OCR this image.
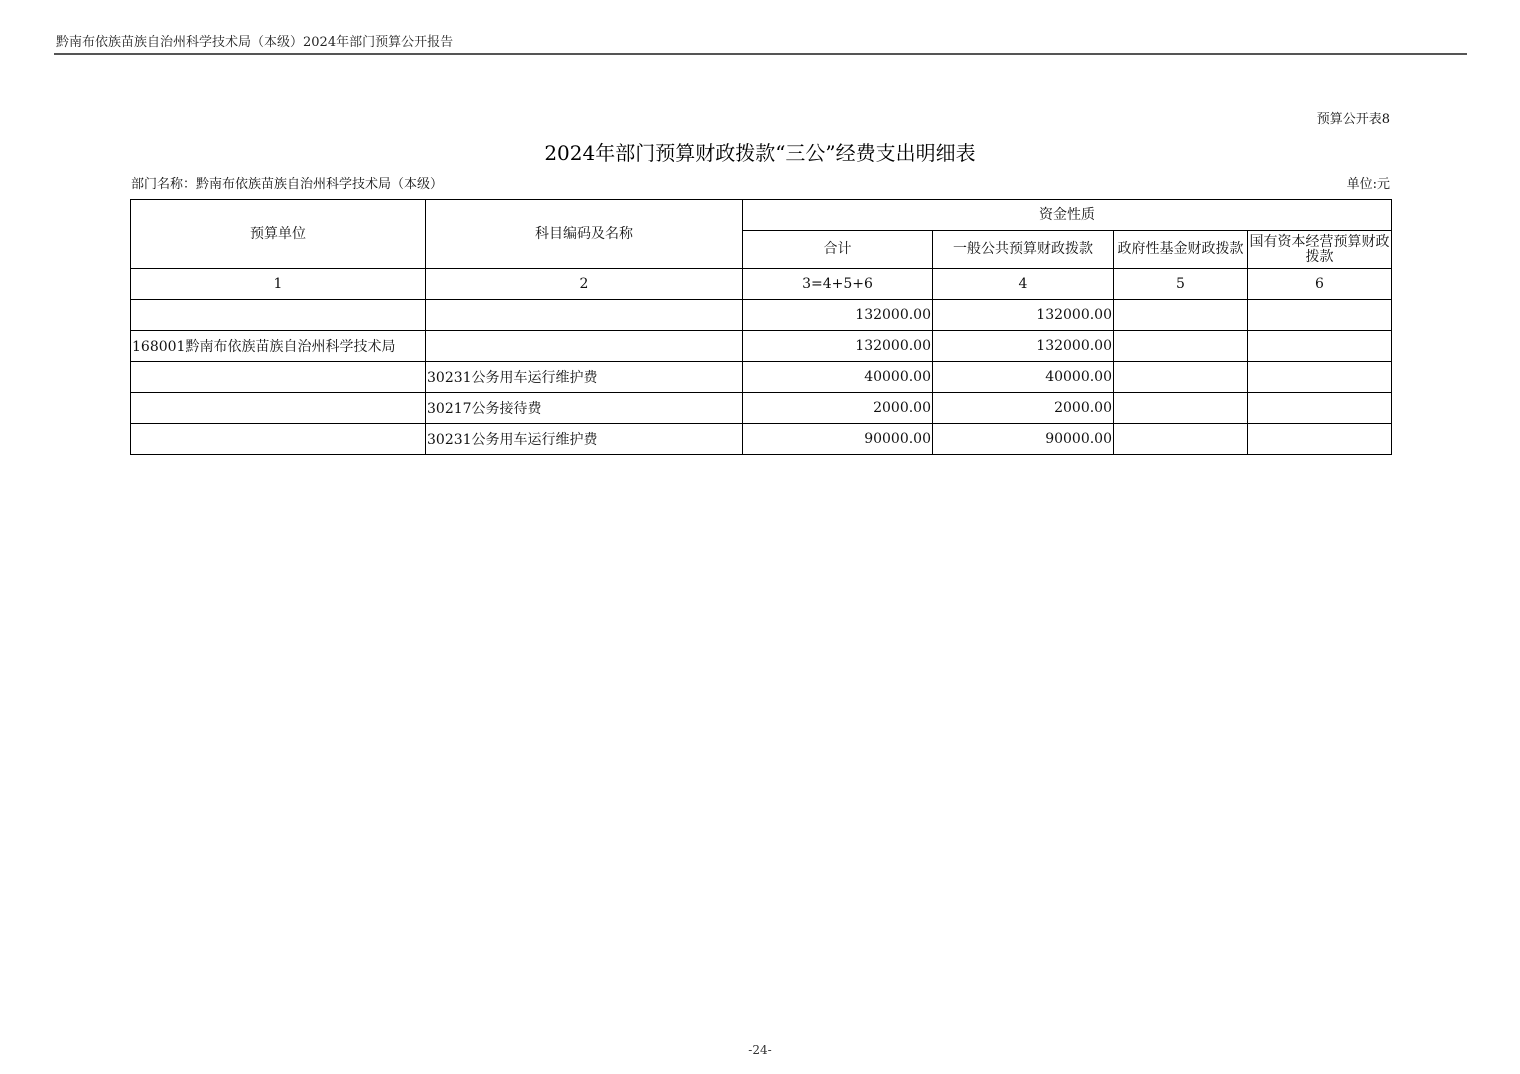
黔南布依族苗族自治州科学技术局（本级）2024年部门预算公开报告
预算公开表8
2024年部门预算财政拨款“三公”经费支出明细表
部门名称：黔南布依族苗族自治州科学技术局（本级）	单位:元
预算单位	科目编码及名称	资金性质			
		合计	一般公共预算财政拨款	政府性基金财政拨款	国有资本经营预算财政拨款
1	2	3=4+5+6	4	5	6
		132000.00	132000.00		
168001黔南布依族苗族自治州科学技术局		132000.00	132000.00		
	30231公务用车运行维护费	40000.00	40000.00		
	30217公务接待费	2000.00	2000.00		
	30231公务用车运行维护费	90000.00	90000.00		
-24-
